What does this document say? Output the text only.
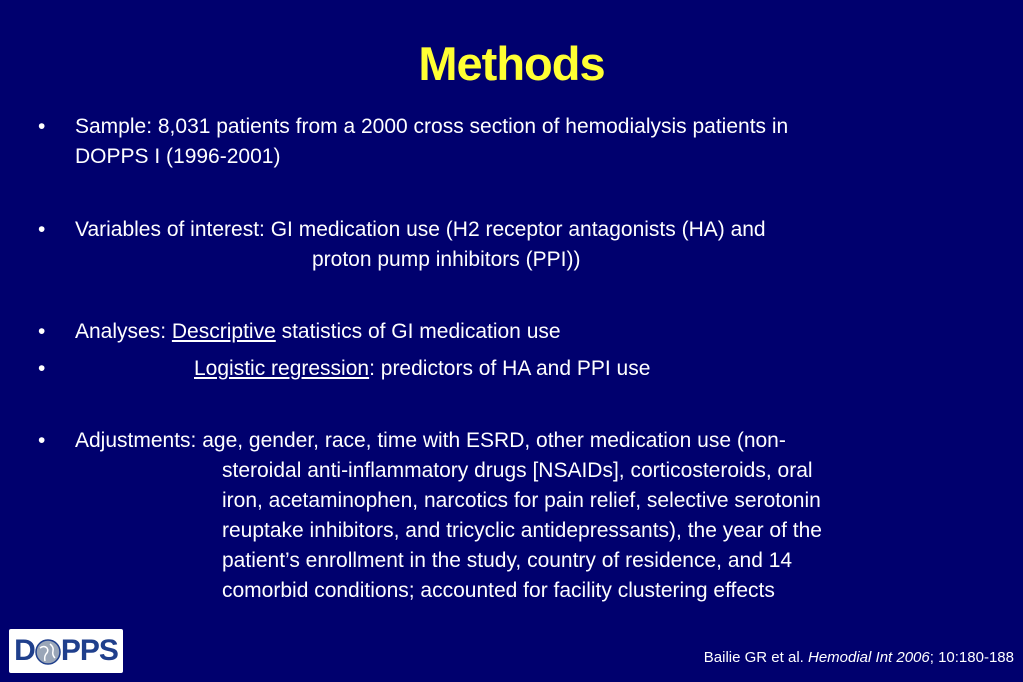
Methods
• Sample: 8,031 patients from a 2000 cross section of hemodialysis patients in
DOPPS I (1996-2001)
• Variables of interest: GI medication use (H2 receptor antagonists (HA) and
proton pump inhibitors (PPI))
• Analyses: Descriptive statistics of GI medication use
•	Logistic regression: predictors of HA and PPI use
• Adjustments: age, gender, race, time with ESRD, other medication use (non-
steroidal anti-inflammatory drugs [NSAIDs], corticosteroids, oral
iron, acetaminophen, narcotics for pain relief, selective serotonin
reuptake inhibitors, and tricyclic antidepressants), the year of the
patient’s enrollment in the study, country of residence, and 14
comorbid conditions; accounted for facility clustering effects
D PPS	Bailie GR et al. Hemodial Int 2006; 10:180-188
